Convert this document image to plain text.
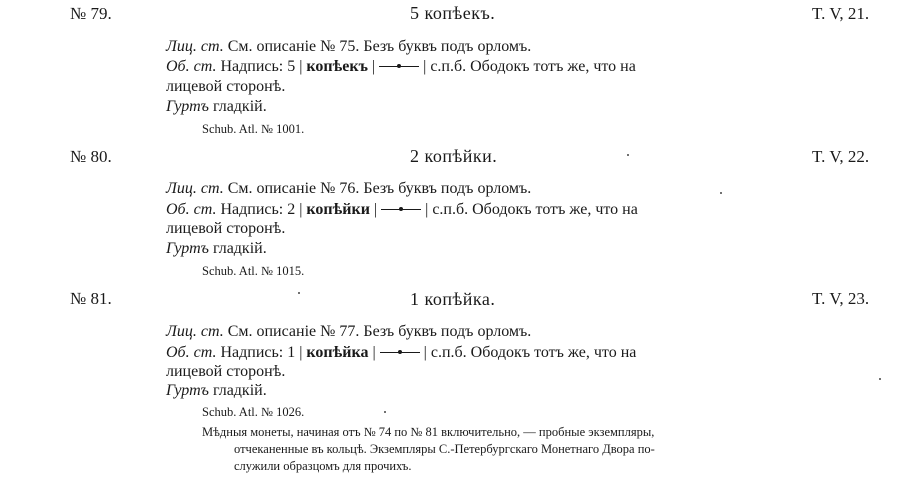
№ 79.	5 копѣекъ.	T. V, 21.
Лиц. ст. См. описаніе № 75. Безъ буквъ подъ орломъ.
Об. ст. Надпись: 5 | копѣекъ |	| с.п.б. Ободокъ тотъ же, что на
лицевой сторонѣ.
Гуртъ гладкій.
Schub. Atl. № 1001.
№ 80.	2 копѣйки.	T. V, 22.
Лиц. ст. См. описаніе № 76. Безъ буквъ подъ орломъ.
Об. ст. Надпись: 2 | копѣйки |	| с.п.б. Ободокъ тотъ же, что на
лицевой сторонѣ.
Гуртъ гладкій.
Schub. Atl. № 1015.
№ 81.	1 копѣйка.	T. V, 23.
Лиц. ст. См. описаніе № 77. Безъ буквъ подъ орломъ.
Об. ст. Надпись: 1 | копѣйка |	| с.п.б. Ободокъ тотъ же, что на
лицевой сторонѣ.
Гуртъ гладкій.
Schub. Atl. № 1026.
Мѣдныя монеты, начиная отъ № 74 по № 81 включительно, — пробные экземпляры,
отчеканенные въ кольцѣ. Экземпляры С.-Петербургскаго Монетнаго Двора по-
служили образцомъ для прочихъ.
